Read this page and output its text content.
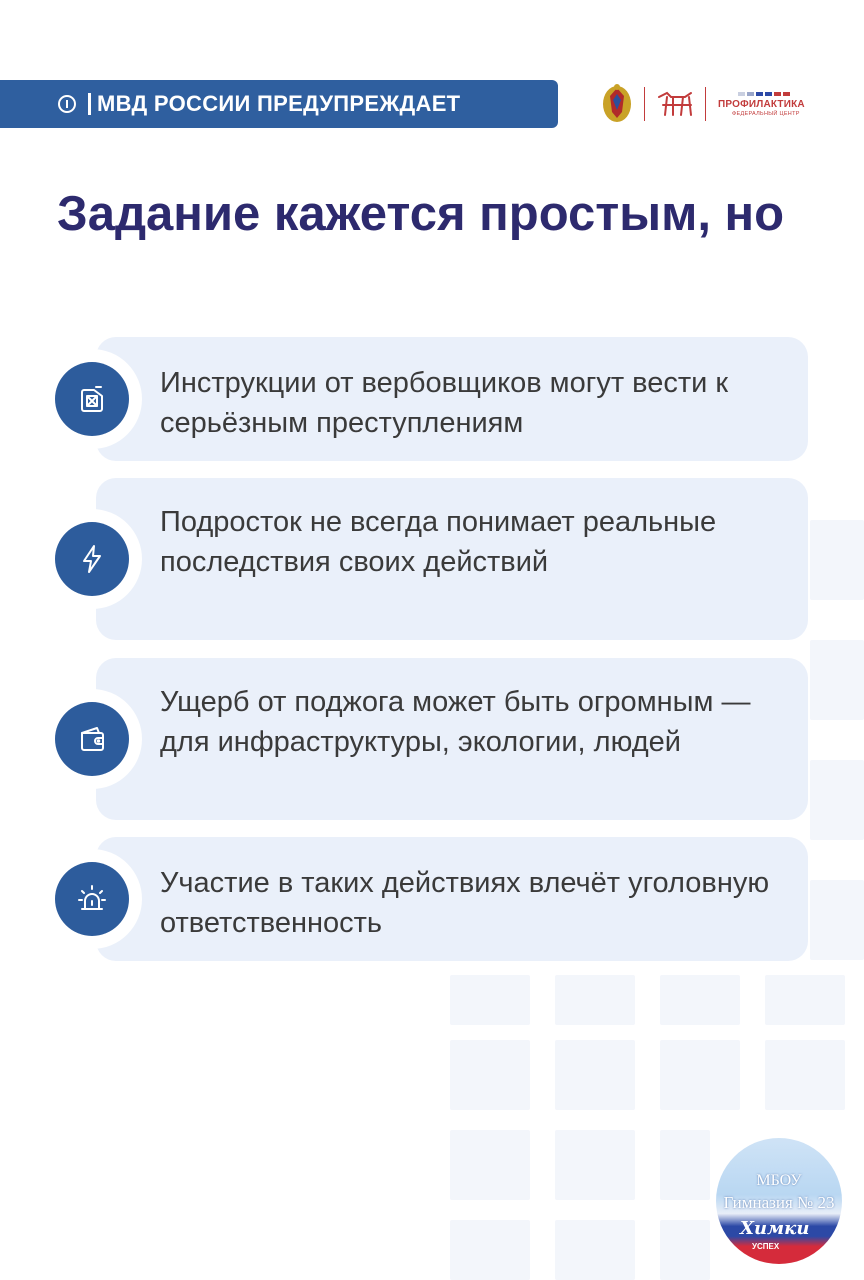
МВД РОССИИ ПРЕДУПРЕЖДАЕТ	ПРОФИЛАКТИКА
ФЕДЕРАЛЬНЫЙ ЦЕНТР
Задание кажется простым, но
Инструкции от вербовщиков могут вести к серьёзным преступлениям
Подросток не всегда понимает реальные последствия своих действий
Ущерб от поджога может быть огромным — для инфраструктуры, экологии, людей
Участие в таких действиях влечёт уголовную ответственность
МБОУ
Гимназия № 23
Химки
УСПЕХ
